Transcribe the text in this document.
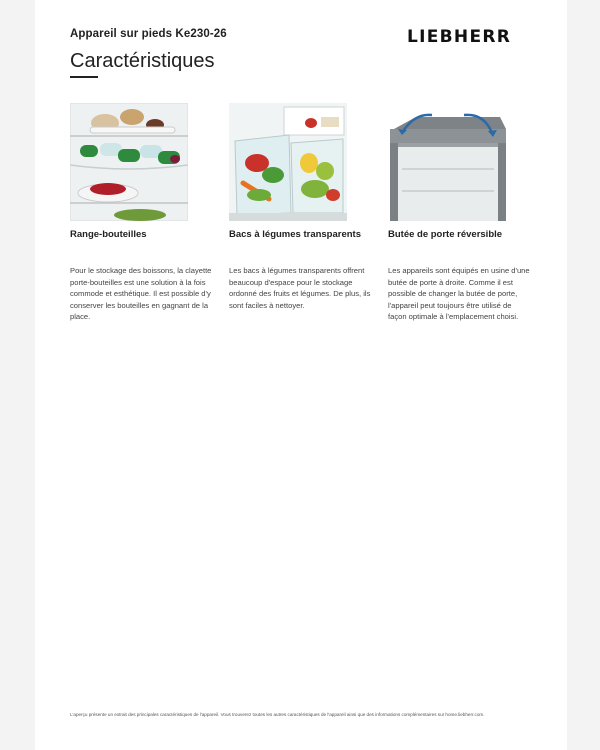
Appareil sur pieds Ke230-26	LIEBHERR
Caractéristiques
Range-bouteilles

Pour le stockage des boissons, la clayette porte-bouteilles est une solution à la fois commode et esthétique. Il est possible d'y conserver les bouteilles en gagnant de la place.

Bacs à légumes transparents

Les bacs à légumes transparents offrent beaucoup d'espace pour le stockage ordonné des fruits et légumes. De plus, ils sont faciles à nettoyer.

Butée de porte réversible

Les appareils sont équipés en usine d'une butée de porte à droite. Comme il est possible de changer la butée de porte, l'appareil peut toujours être utilisé de façon optimale à l'emplacement choisi.

L'aperçu présente un extrait des principales caractéristiques de l'appareil. Vous trouverez toutes les autres caractéristiques de l'appareil ainsi que des informations complémentaires sur home.liebherr.com.
